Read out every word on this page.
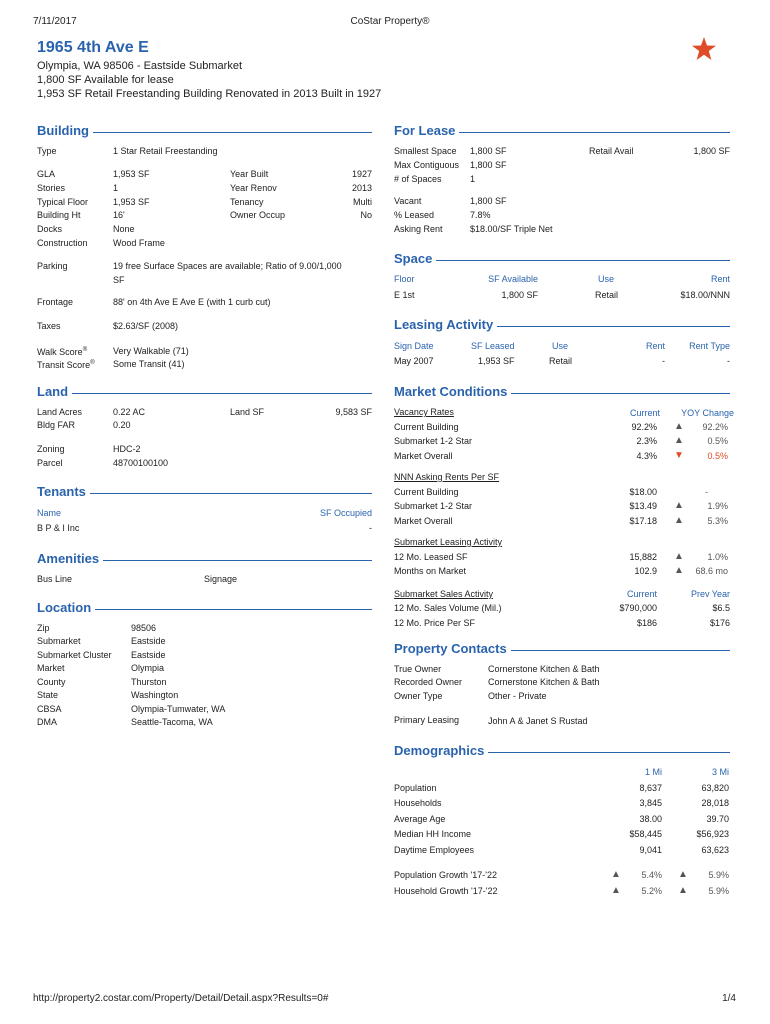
7/11/2017	CoStar Property®
1965 4th Ave E
Olympia, WA 98506 - Eastside Submarket
1,800 SF Available for lease
1,953 SF Retail Freestanding Building Renovated in 2013 Built in 1927
Building
Type	1 Star Retail Freestanding
GLA	1,953 SF
Stories	1
Typical Floor	1,953 SF
Building Ht	16'
Docks	None
Construction	Wood Frame
Year Built	1927
Year Renov	2013
Tenancy	Multi
Owner Occup	No
Parking	19 free Surface Spaces are available; Ratio of 9.00/1,000
SF
Frontage	88' on 4th Ave E Ave E (with 1 curb cut)
Taxes	$2.63/SF (2008)
Walk Score®	Very Walkable (71)
Transit Score® Some Transit (41)
Land
Land Acres	0.22 AC	Land SF	9,583 SF
Bldg FAR	0.20
Zoning	HDC-2
Parcel	48700100100
Tenants
Name	SF Occupied
B P & I Inc	-
Amenities
Bus Line	Signage
Location
Zip	98506
Submarket	Eastside
Submarket Cluster Eastside
Market	Olympia
County	Thurston
State	Washington
CBSA	Olympia-Tumwater, WA
DMA	Seattle-Tacoma, WA
For Lease
Smallest Space 1,800 SF
Max Contiguous 1,800 SF
# of Spaces	1
Retail Avail	1,800 SF
Vacant	1,800 SF
% Leased	7.8%
Asking Rent	$18.00/SF Triple Net
Space
Floor	SF Available	Use	Rent
E 1st	1,800 SF	Retail	$18.00/NNN
Leasing Activity
Sign Date	SF Leased	Use	Rent	Rent Type
May 2007	1,953 SF	Retail	-	-
Market Conditions
Vacancy Rates	Current	YOY Change
Current Building	92.2% ▲	92.2%
Submarket 1-2 Star	2.3% ▲	0.5%
Market Overall	4.3% ▼	0.5%
NNN Asking Rents Per SF
Current Building	$18.00	-
Submarket 1-2 Star	$13.49 ▲	1.9%
Market Overall	$17.18 ▲	5.3%
Submarket Leasing Activity
12 Mo. Leased SF	15,882 ▲	1.0%
Months on Market	102.9 ▲	68.6 mo
Submarket Sales Activity	Current	Prev Year
12 Mo. Sales Volume (Mil.)	$790,000	$6.5
12 Mo. Price Per SF	$186	$176
Property Contacts
True Owner	Cornerstone Kitchen & Bath
Recorded Owner	Cornerstone Kitchen & Bath
Owner Type	Other - Private
Primary Leasing	John A & Janet S Rustad
Demographics
1 Mi	3 Mi
Population	8,637	63,820
Households	3,845	28,018
Average Age	38.00	39.70
Median HH Income	$58,445	$56,923
Daytime Employees	9,041	63,623
Population Growth '17-'22	▲	5.4% ▲	5.9%
Household Growth '17-'22	▲	5.2% ▲	5.9%
http://property2.costar.com/Property/Detail/Detail.aspx?Results=0#	1/4
